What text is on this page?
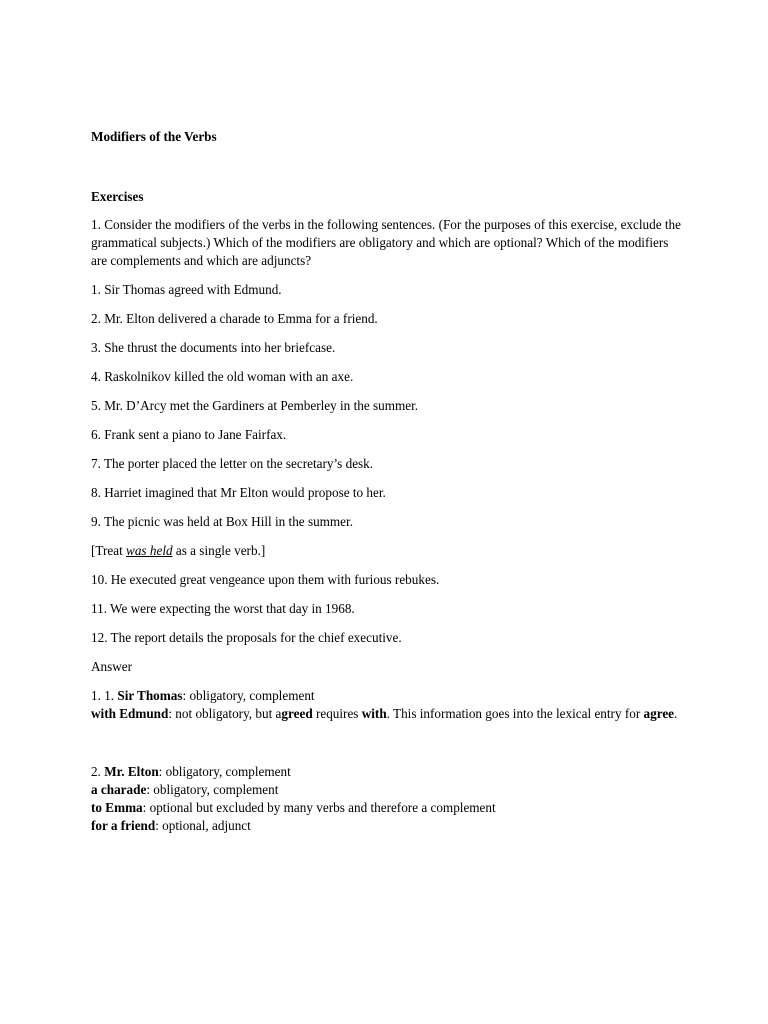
Modifiers of the Verbs

Exercises

1. Consider the modifiers of the verbs in the following sentences. (For the purposes of this exercise, exclude the grammatical subjects.) Which of the modifiers are obligatory and which are optional? Which of the modifiers are complements and which are adjuncts?

1. Sir Thomas agreed with Edmund.

2. Mr. Elton delivered a charade to Emma for a friend.

3. She thrust the documents into her briefcase.

4. Raskolnikov killed the old woman with an axe.

5. Mr. D’Arcy met the Gardiners at Pemberley in the summer.

6. Frank sent a piano to Jane Fairfax.

7. The porter placed the letter on the secretary’s desk.

8. Harriet imagined that Mr Elton would propose to her.

9. The picnic was held at Box Hill in the summer.

[Treat was held as a single verb.]

10. He executed great vengeance upon them with furious rebukes.

11. We were expecting the worst that day in 1968.

12. The report details the proposals for the chief executive.

Answer

1. 1. Sir Thomas: obligatory, complement
with Edmund: not obligatory, but agreed requires with. This information goes into the lexical entry for agree.
2. Mr. Elton: obligatory, complement
a charade: obligatory, complement
to Emma: optional but excluded by many verbs and therefore a complement
for a friend: optional, adjunct
